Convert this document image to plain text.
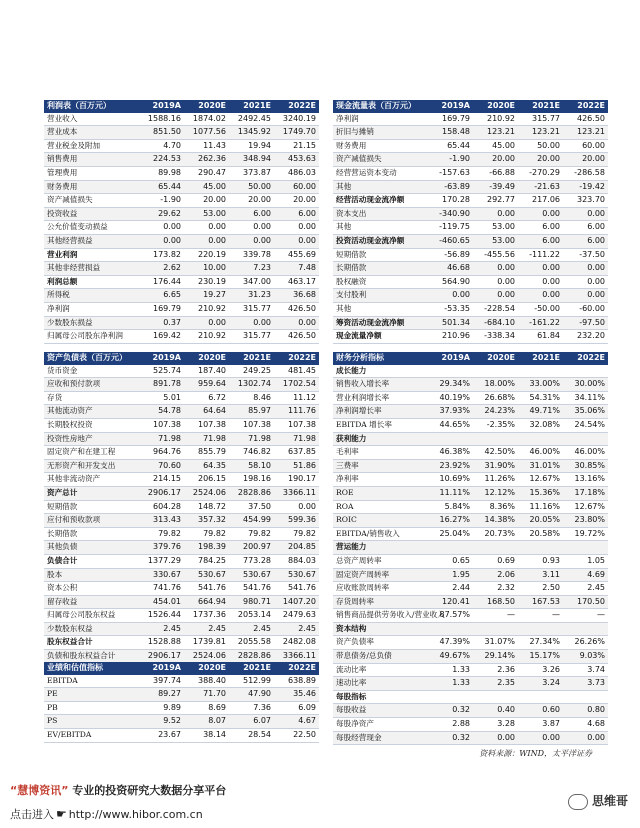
利润表（百万元）	2019A	2020E	2021E	2022E
营业收入	1588.16	1874.02	2492.45	3240.19
营业成本	851.50	1077.56	1345.92	1749.70
营业税金及附加	4.70	11.43	19.94	21.15
销售费用	224.53	262.36	348.94	453.63
管理费用	89.98	290.47	373.87	486.03
财务费用	65.44	45.00	50.00	60.00
资产减值损失	-1.90	20.00	20.00	20.00
投资收益	29.62	53.00	6.00	6.00
公允价值变动损益	0.00	0.00	0.00	0.00
其他经营损益	0.00	0.00	0.00	0.00
营业利润	173.82	220.19	339.78	455.69
其他非经营损益	2.62	10.00	7.23	7.48
利润总额	176.44	230.19	347.00	463.17
所得税	6.65	19.27	31.23	36.68
净利润	169.79	210.92	315.77	426.50
少数股东损益	0.37	0.00	0.00	0.00
归属母公司股东净利润	169.42	210.92	315.77	426.50
现金流量表（百万元）	2019A	2020E	2021E	2022E
净利润	169.79	210.92	315.77	426.50
折旧与摊销	158.48	123.21	123.21	123.21
财务费用	65.44	45.00	50.00	60.00
资产减值损失	-1.90	20.00	20.00	20.00
经营营运资本变动	-157.63	-66.88	-270.29	-286.58
其他	-63.89	-39.49	-21.63	-19.42
经营活动现金流净额	170.28	292.77	217.06	323.70
资本支出	-340.90	0.00	0.00	0.00
其他	-119.75	53.00	6.00	6.00
投资活动现金流净额	-460.65	53.00	6.00	6.00
短期借款	-56.89	-455.56	-111.22	-37.50
长期借款	46.68	0.00	0.00	0.00
股权融资	564.90	0.00	0.00	0.00
支付股利	0.00	0.00	0.00	0.00
其他	-53.35	-228.54	-50.00	-60.00
筹资活动现金流净额	501.34	-684.10	-161.22	-97.50
现金流量净额	210.96	-338.34	61.84	232.20
资产负债表（百万元）	2019A	2020E	2021E	2022E
货币资金	525.74	187.40	249.25	481.45
应收和预付款项	891.78	959.64	1302.74	1702.54
存货	5.01	6.72	8.46	11.12
其他流动资产	54.78	64.64	85.97	111.76
长期股权投资	107.38	107.38	107.38	107.38
投资性房地产	71.98	71.98	71.98	71.98
固定资产和在建工程	964.76	855.79	746.82	637.85
无形资产和开发支出	70.60	64.35	58.10	51.86
其他非流动资产	214.15	206.15	198.16	190.17
资产总计	2906.17	2524.06	2828.86	3366.11
短期借款	604.28	148.72	37.50	0.00
应付和预收款项	313.43	357.32	454.99	599.36
长期借款	79.82	79.82	79.82	79.82
其他负债	379.76	198.39	200.97	204.85
负债合计	1377.29	784.25	773.28	884.03
股本	330.67	530.67	530.67	530.67
资本公积	741.76	541.76	541.76	541.76
留存收益	454.01	664.94	980.71	1407.20
归属母公司股东权益	1526.44	1737.36	2053.14	2479.63
少数股东权益	2.45	2.45	2.45	2.45
股东权益合计	1528.88	1739.81	2055.58	2482.08
负债和股东权益合计	2906.17	2524.06	2828.86	3366.11
业绩和估值指标	2019A	2020E	2021E	2022E
EBITDA	397.74	388.40	512.99	638.89
PE	89.27	71.70	47.90	35.46
PB	9.89	8.69	7.36	6.09
PS	9.52	8.07	6.07	4.67
EV/EBITDA	23.67	38.14	28.54	22.50
财务分析指标	2019A	2020E	2021E	2022E
成长能力				
销售收入增长率	29.34%	18.00%	33.00%	30.00%
营业利润增长率	40.19%	26.68%	54.31%	34.11%
净利润增长率	37.93%	24.23%	49.71%	35.06%
EBITDA 增长率	44.65%	-2.35%	32.08%	24.54%
获利能力				
毛利率	46.38%	42.50%	46.00%	46.00%
三费率	23.92%	31.90%	31.01%	30.85%
净利率	10.69%	11.26%	12.67%	13.16%
ROE	11.11%	12.12%	15.36%	17.18%
ROA	5.84%	8.36%	11.16%	12.67%
ROIC	16.27%	14.38%	20.05%	23.80%
EBITDA/销售收入	25.04%	20.73%	20.58%	19.72%
营运能力				
总资产周转率	0.65	0.69	0.93	1.05
固定资产周转率	1.95	2.06	3.11	4.69
应收账款周转率	2.44	2.32	2.50	2.45
存货周转率	120.41	168.50	167.53	170.50
销售商品提供劳务收入/营业收入	87.57%	—	—	—
资本结构				
资产负债率	47.39%	31.07%	27.34%	26.26%
带息债务/总负债	49.67%	29.14%	15.17%	9.03%
流动比率	1.33	2.36	3.26	3.74
速动比率	1.33	2.35	3.24	3.73
每股指标				
每股收益	0.32	0.40	0.60	0.80
每股净资产	2.88	3.28	3.87	4.68
每股经营现金	0.32	0.00	0.00	0.00
资料来源：WIND，太平洋证券
“慧博资讯” 专业的投资研究大数据分享平台
点击进入 ☛ http://www.hibor.com.cn
思维哥
